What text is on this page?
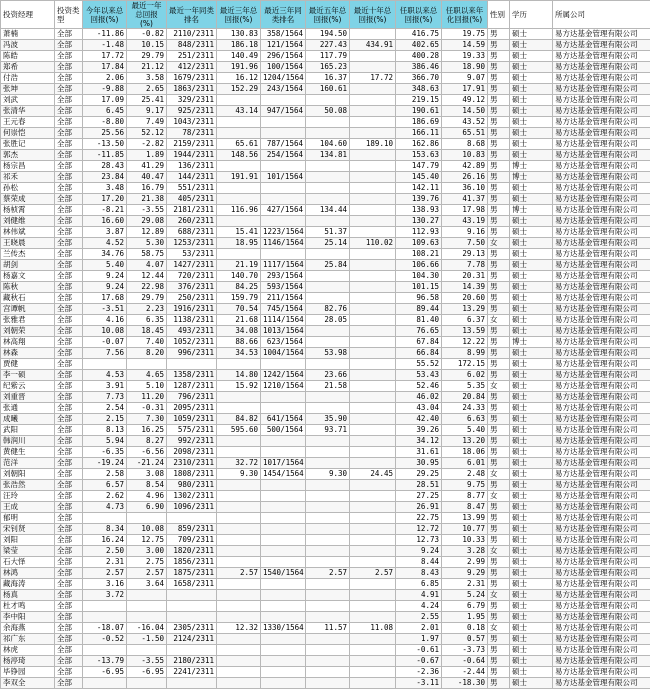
投资经理	投资类型	今年以来总回报(%)	最近一年总回报(%)	最近一年同类排名	最近三年总回报(%)	最近三年同类排名	最近五年总回报(%)	最近十年总回报(%)	任职以来总回报(%)	任职以来年化回报(%)	性别	学历	所属公司
萧楠	全部	-11.86	-0.82	2110/2311	130.83	358/1564	194.50		416.75	19.75	男	硕士	易方达基金管理有限公司
冯波	全部	-1.48	10.15	848/2311	186.18	121/1564	227.43	434.91	402.65	14.59	男	硕士	易方达基金管理有限公司
陈皓	全部	17.72	29.79	251/2311	140.49	296/1564	117.79		400.28	19.33	男	硕士	易方达基金管理有限公司
郑希	全部	17.84	21.12	412/2311	191.96	100/1564	165.23		386.46	18.90	男	硕士	易方达基金管理有限公司
付浩	全部	2.06	3.58	1679/2311	16.12	1204/1564	16.37	17.72	366.70	9.07	男	硕士	易方达基金管理有限公司
张坤	全部	-9.88	2.65	1863/2311	152.29	243/1564	160.61		348.63	17.91	男	硕士	易方达基金管理有限公司
刘武	全部	17.09	25.41	329/2311					219.15	49.12	男	硕士	易方达基金管理有限公司
张清华	全部	6.45	9.17	925/2311	43.14	947/1564	50.08		190.61	14.50	男	硕士	易方达基金管理有限公司
王元春	全部	-8.80	7.49	1043/2311					186.69	43.52	男	硕士	易方达基金管理有限公司
何崇恺	全部	25.56	52.12	78/2311					166.11	65.51	男	硕士	易方达基金管理有限公司
张胜记	全部	-13.50	-2.82	2159/2311	65.61	787/1564	104.60	189.10	162.86	8.68	男	硕士	易方达基金管理有限公司
郭杰	全部	-11.85	1.89	1944/2311	148.56	254/1564	134.81		153.63	10.83	男	硕士	易方达基金管理有限公司
杨宗昌	全部	28.43	41.29	136/2311					147.79	42.89	男	博士	易方达基金管理有限公司
祁禾	全部	23.84	40.47	144/2311	191.91	101/1564			145.40	26.16	男	博士	易方达基金管理有限公司
孙松	全部	3.48	16.79	551/2311					142.11	36.10	男	硕士	易方达基金管理有限公司
蔡荣成	全部	17.20	21.38	405/2311					139.76	41.37	男	硕士	易方达基金管理有限公司
杨桢霄	全部	-8.21	-3.55	2181/2311	116.96	427/1564	134.44		138.93	17.98	男	博士	易方达基金管理有限公司
刘健维	全部	16.60	29.08	260/2311					130.27	43.19	男	硕士	易方达基金管理有限公司
林伟斌	全部	3.87	12.89	688/2311	15.41	1223/1564	51.37		112.93	9.16	男	硕士	易方达基金管理有限公司
王晓晨	全部	4.52	5.30	1253/2311	18.95	1146/1564	25.14	110.02	109.63	7.50	女	硕士	易方达基金管理有限公司
兰传杰	全部	34.76	58.75	53/2311					108.21	29.13	男	硕士	易方达基金管理有限公司
胡剑	全部	5.40	4.07	1427/2311	21.19	1117/1564	25.84		106.66	7.78	男	硕士	易方达基金管理有限公司
杨嘉文	全部	9.24	12.44	720/2311	140.70	293/1564			104.30	20.31	男	硕士	易方达基金管理有限公司
陈秋	全部	9.24	22.98	376/2311	84.25	593/1564			101.15	14.39	男	硕士	易方达基金管理有限公司
藏秋石	全部	17.68	29.79	250/2311	159.79	211/1564			96.58	20.60	男	硕士	易方达基金管理有限公司
宫谭帆	全部	-3.51	2.23	1916/2311	70.54	745/1564	82.76		89.44	13.29	男	硕士	易方达基金管理有限公司
张雅君	全部	4.16	6.35	1138/2311	21.68	1114/1564	28.05		81.40	6.37	女	硕士	易方达基金管理有限公司
刘朝荣	全部	10.08	18.45	493/2311	34.08	1013/1564			76.65	13.59	男	硕士	易方达基金管理有限公司
林高翔	全部	-0.07	7.40	1052/2311	88.66	623/1564			67.84	12.22	男	博士	易方达基金管理有限公司
林森	全部	7.56	8.20	996/2311	34.53	1004/1564	53.98		66.84	8.99	男	硕士	易方达基金管理有限公司
贾健	全部								55.52	172.15	男	硕士	易方达基金管理有限公司
李一硕	全部	4.53	4.65	1358/2311	14.80	1242/1564	23.66		53.43	6.02	男	硕士	易方达基金管理有限公司
纪紫云	全部	3.91	5.10	1287/2311	15.92	1210/1564	21.58		52.46	5.35	女	硕士	易方达基金管理有限公司
刘重晋	全部	7.73	11.20	796/2311					46.02	20.84	男	硕士	易方达基金管理有限公司
张通	全部	2.54	-0.31	2095/2311					43.04	24.33	男	硕士	易方达基金管理有限公司
成曦	全部	2.15	7.30	1059/2311	84.82	641/1564	35.90		42.40	6.63	男	硕士	易方达基金管理有限公司
武阳	全部	8.13	16.25	575/2311	595.60	500/1564	93.71		39.26	5.40	男	硕士	易方达基金管理有限公司
韩润川	全部	5.94	8.27	992/2311					34.12	13.20	男	硕士	易方达基金管理有限公司
黄健生	全部	-6.35	-6.56	2098/2311					31.61	18.06	男	硕士	易方达基金管理有限公司
范洋	全部	-19.24	-21.24	2310/2311	32.72	1017/1564			30.95	6.01	男	硕士	易方达基金管理有限公司
刘朝阳	全部	2.58	3.08	1808/2311	9.30	1454/1564	9.30	24.45	29.25	2.48	女	硕士	易方达基金管理有限公司
张浩然	全部	6.57	8.54	980/2311					28.51	9.75	男	硕士	易方达基金管理有限公司
汪玲	全部	2.62	4.96	1302/2311					27.25	8.77	女	硕士	易方达基金管理有限公司
王成	全部	4.73	6.90	1096/2311					26.91	8.47	男	硕士	易方达基金管理有限公司
郁明	全部								22.75	13.99	男	硕士	易方达基金管理有限公司
宋钊贤	全部	8.34	10.08	859/2311					12.72	10.77	男	硕士	易方达基金管理有限公司
刘阳	全部	16.24	12.75	709/2311					12.73	10.33	男	硕士	易方达基金管理有限公司
梁莹	全部	2.50	3.00	1820/2311					9.24	3.28	女	硕士	易方达基金管理有限公司
石大怿	全部	2.31	2.75	1856/2311					8.44	2.99	男	硕士	易方达基金管理有限公司
林鸿	全部	2.57	2.57	1875/2311	2.57	1540/1564	2.57	2.57	8.43	9.29	男	硕士	易方达基金管理有限公司
藏海涛	全部	3.16	3.64	1658/2311					6.85	2.31	男	硕士	易方达基金管理有限公司
杨真	全部	3.72							4.91	5.24	女	硕士	易方达基金管理有限公司
杜才鸣	全部								4.24	6.79	男	硕士	易方达基金管理有限公司
李中阳	全部								2.55	1.95	男	硕士	易方达基金管理有限公司
余海燕	全部	-18.07	-16.04	2305/2311	12.32	1330/1564	11.57	11.08	2.01	0.18	女	硕士	易方达基金管理有限公司
祁广东	全部	-0.52	-1.50	2124/2311					1.97	0.57	男	硕士	易方达基金管理有限公司
林虎	全部								-0.61	-3.73	男	硕士	易方达基金管理有限公司
杨渟琦	全部	-13.79	-3.55	2180/2311					-0.67	-0.64	男	硕士	易方达基金管理有限公司
毕铮园	全部	-6.95	-6.95	2241/2311					-2.36	-2.44	男	硕士	易方达基金管理有限公司
李双全	全部								-3.11	-18.30	男	硕士	易方达基金管理有限公司
